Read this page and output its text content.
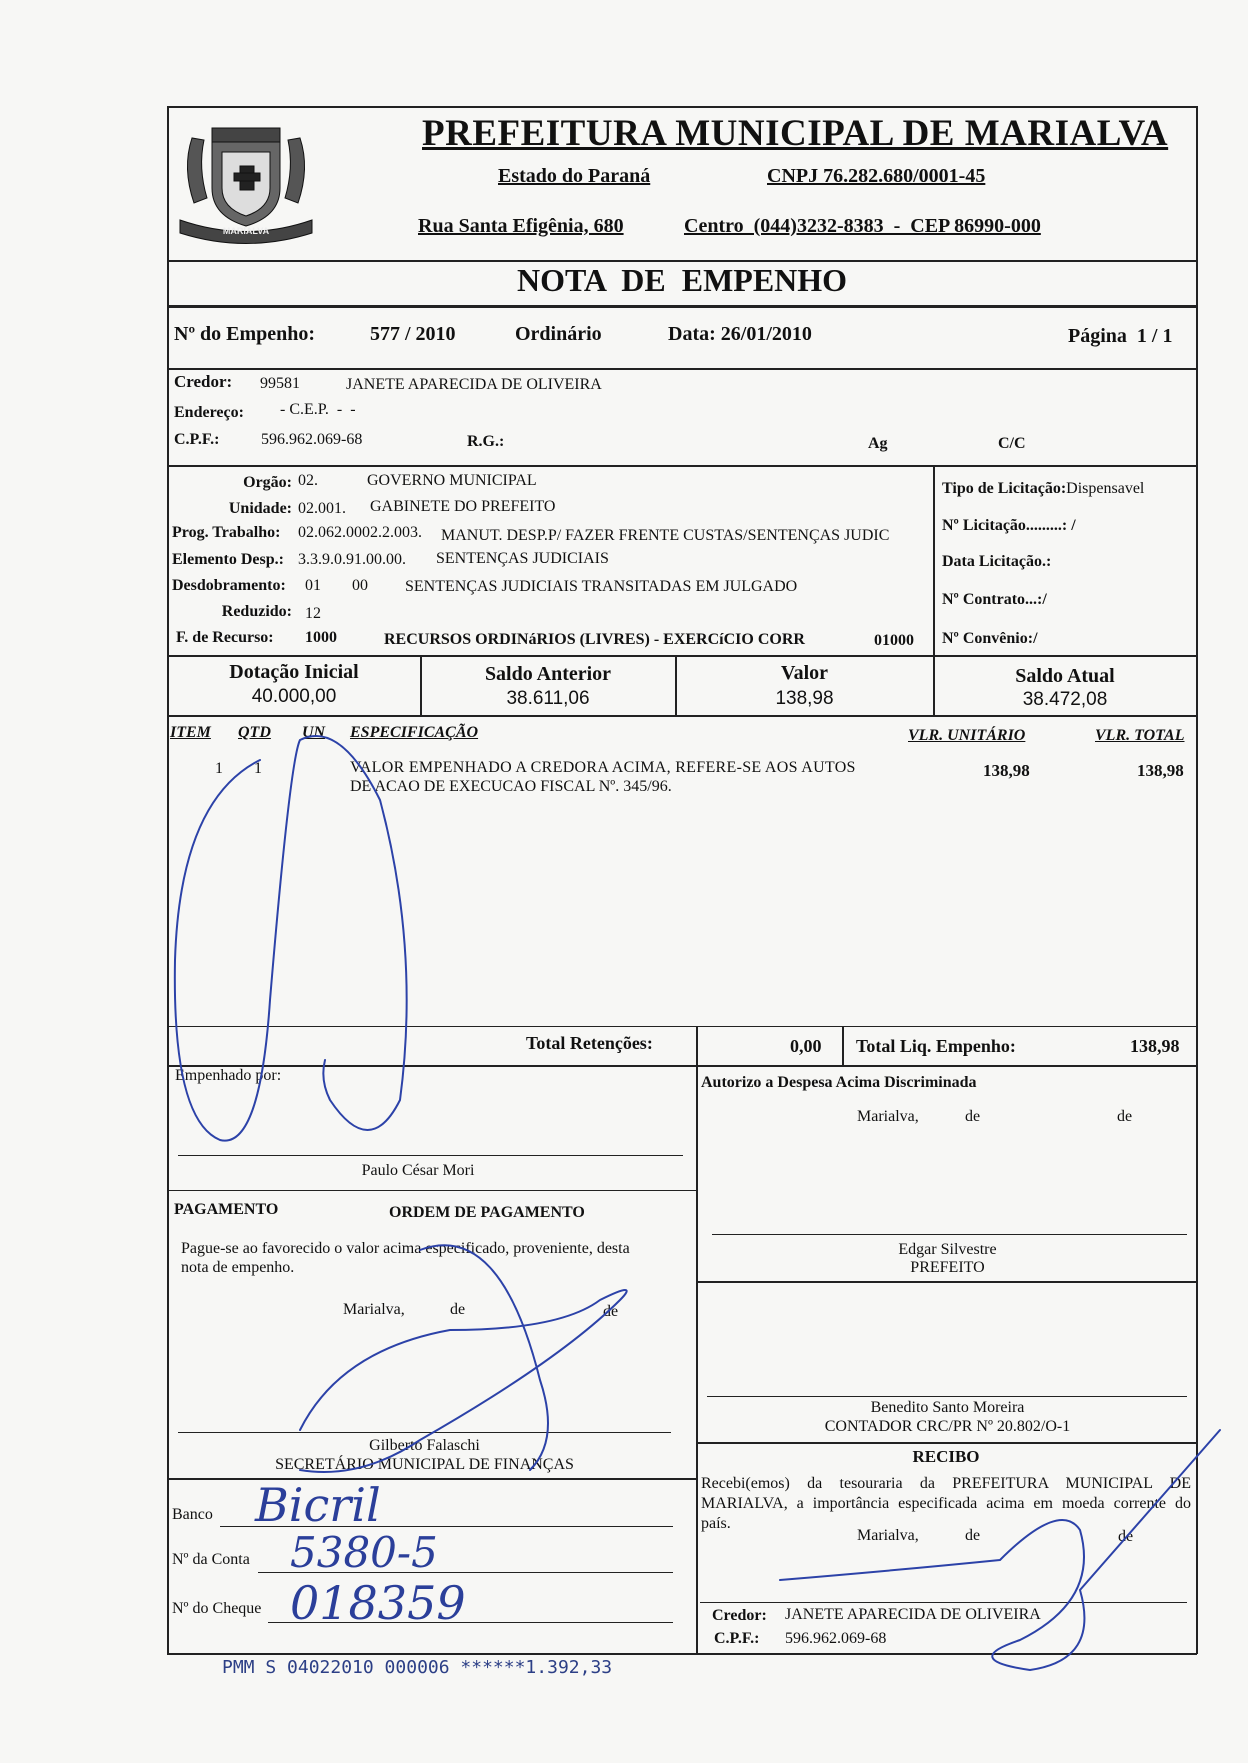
MARIALVA
PREFEITURA MUNICIPAL DE MARIALVA
Estado do Paraná	CNPJ 76.282.680/0001-45
Rua Santa Efigênia, 680	Centro  (044)3232-8383  -  CEP 86990-000
NOTA  DE  EMPENHO
Nº do Empenho:	577 / 2010	Ordinário	Data: 26/01/2010	Página  1 / 1
Credor: 99581	JANETE APARECIDA DE OLIVEIRA
Endereço: - C.E.P.  -  -
C.P.F.:	596.962.069-68	R.G.:	Ag	C/C
Orgão: 02.	GOVERNO MUNICIPAL
Unidade: 02.001. GABINETE DO PREFEITO
Prog. Trabalho: 02.062.0002.2.003. MANUT. DESP.P/ FAZER FRENTE CUSTAS/SENTENÇAS JUDIC
Elemento Desp.: 3.3.9.0.91.00.00. SENTENÇAS JUDICIAIS
Desdobramento: 01 00 SENTENÇAS JUDICIAIS TRANSITADAS EM JULGADO
Reduzido: 12
F. de Recurso: 1000	RECURSOS ORDINáRIOS (LIVRES) - EXERCíCIO CORR	01000
Tipo de Licitação:Dispensavel
Nº Licitação.........: /
Data Licitação.:
Nº Contrato...:/
Nº Convênio:/
Dotação Inicial
40.000,00
Saldo Anterior
38.611,06
Valor
138,98
Saldo Atual
38.472,08
ITEM QTD UN ESPECIFICAÇÃO	VLR. UNITÁRIO	VLR. TOTAL
1 1	VALOR EMPENHADO A CREDORA ACIMA, REFERE-SE AOS AUTOS
DE ACAO DE EXECUCAO FISCAL Nº. 345/96.
138,98	138,98
Total Retenções:	0,00 Total Liq. Empenho:	138,98
Empenhado por:
Paulo César Mori
PAGAMENTO	ORDEM DE PAGAMENTO
Pague-se ao favorecido o valor acima especificado, proveniente, desta
nota de empenho.
Marialva,	de	de
Gilberto Falaschi
SECRETÁRIO MUNICIPAL DE FINANÇAS
Banco Bicril
Nº da Conta 5380-5
Nº do Cheque 018359
Autorizo a Despesa Acima Discriminada
Marialva,	de	de
Edgar Silvestre
PREFEITO
Benedito Santo Moreira
CONTADOR CRC/PR Nº 20.802/O-1
RECIBO
Recebi(emos) da tesouraria da PREFEITURA MUNICIPAL DE
MARIALVA, a importância especificada acima em moeda corrente do
país.
Marialva,	de	de
Credor: JANETE APARECIDA DE OLIVEIRA
C.P.F.: 596.962.069-68
PMM S 04022010 000006 ******1.392,33
